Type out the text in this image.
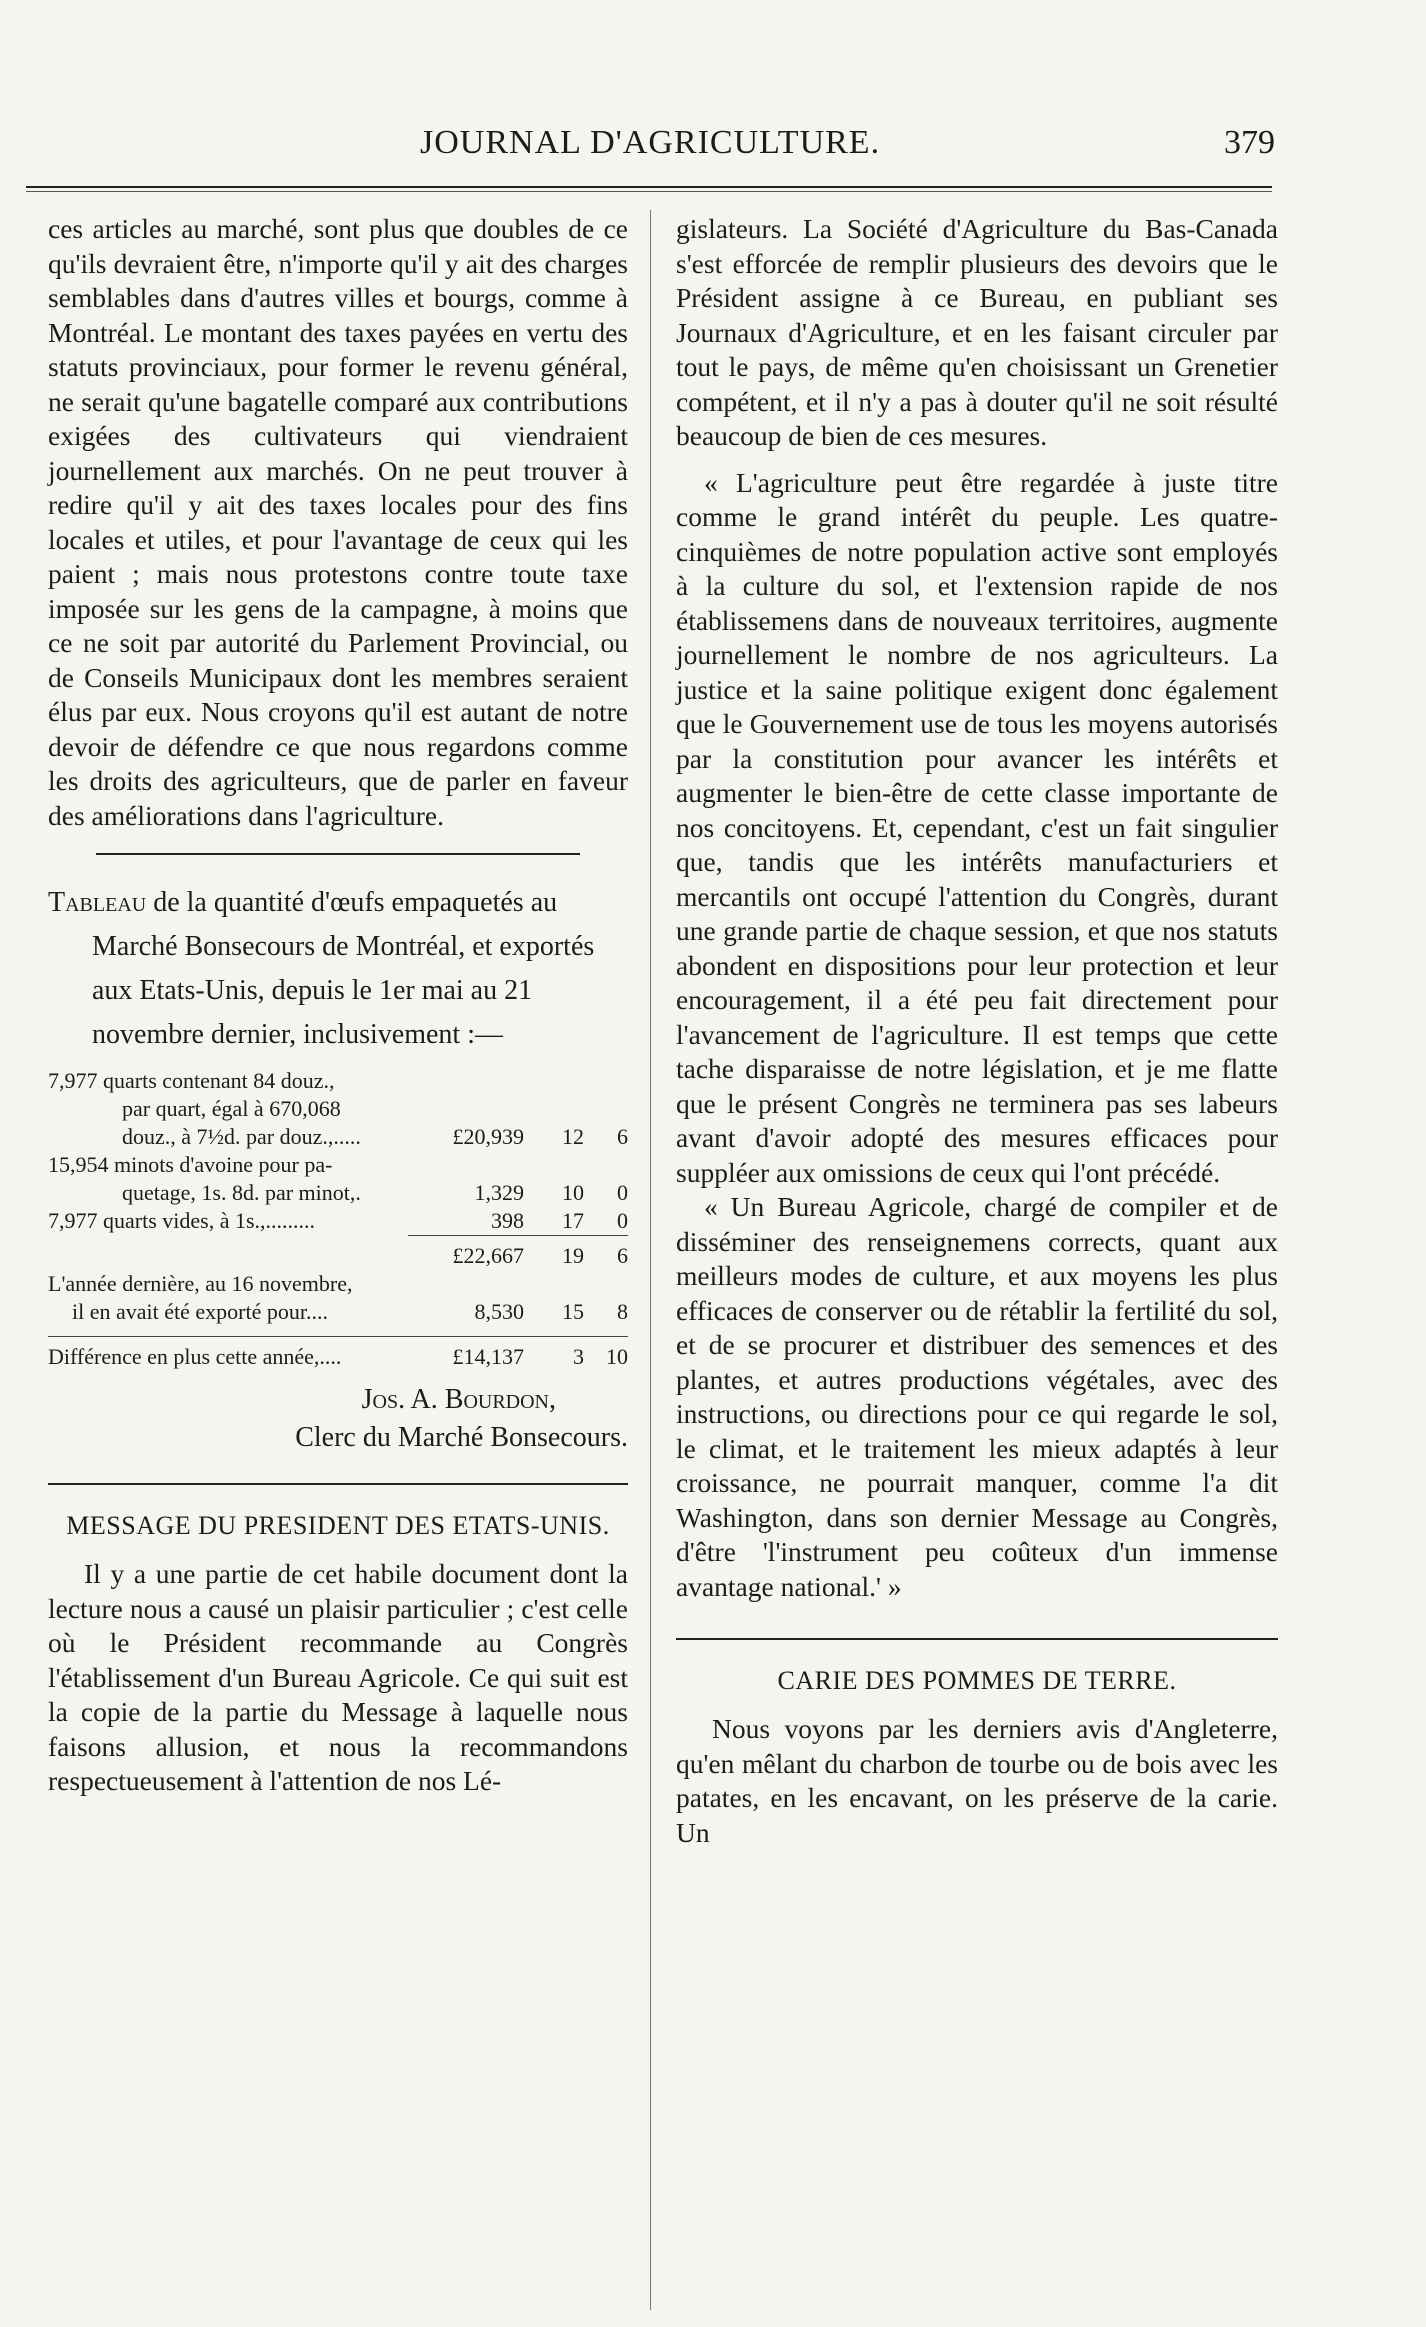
JOURNAL D'AGRICULTURE.	379

ces articles au marché, sont plus que doubles de ce qu'ils devraient être, n'importe qu'il y ait des charges semblables dans d'autres villes et bourgs, comme à Montréal. Le montant des taxes payées en vertu des statuts provinciaux, pour former le revenu général, ne serait qu'une bagatelle comparé aux contributions exigées des cultivateurs qui viendraient journellement aux marchés. On ne peut trouver à redire qu'il y ait des taxes locales pour des fins locales et utiles, et pour l'avantage de ceux qui les paient ; mais nous protestons contre toute taxe imposée sur les gens de la campagne, à moins que ce ne soit par autorité du Parlement Provincial, ou de Conseils Municipaux dont les membres seraient élus par eux. Nous croyons qu'il est autant de notre devoir de défendre ce que nous regardons comme les droits des agriculteurs, que de parler en faveur des améliorations dans l'agriculture.

Tableau de la quantité d'œufs empaquetés au Marché Bonsecours de Montréal, et exportés aux Etats-Unis, depuis le 1er mai au 21 novembre dernier, inclusivement :—

7,977 quarts contenant 84 douz.,
par quart, égal à 670,068
douz., à 7½d. par douz.,.....	£20,939	12	6
15,954 minots d'avoine pour pa-
quetage, 1s. 8d. par minot,.	1,329	10	0
7,977 quarts vides, à 1s.,.........	398	17	0
£22,667	19	6
L'année dernière, au 16 novembre,
il en avait été exporté pour....	8,530	15	8
Différence en plus cette année,....	£14,137	3	10
Jos. A. Bourdon,
Clerc du Marché Bonsecours.
MESSAGE DU PRESIDENT DES ETATS-UNIS.

Il y a une partie de cet habile document dont la lecture nous a causé un plaisir particulier ; c'est celle où le Président recommande au Congrès l'établissement d'un Bureau Agricole. Ce qui suit est la copie de la partie du Message à laquelle nous faisons allusion, et nous la recommandons respectueusement à l'attention de nos Lé-

gislateurs. La Société d'Agriculture du Bas-Canada s'est efforcée de remplir plusieurs des devoirs que le Président assigne à ce Bureau, en publiant ses Journaux d'Agriculture, et en les faisant circuler par tout le pays, de même qu'en choisissant un Grenetier compétent, et il n'y a pas à douter qu'il ne soit résulté beaucoup de bien de ces mesures.

« L'agriculture peut être regardée à juste titre comme le grand intérêt du peuple. Les quatre-cinquièmes de notre population active sont employés à la culture du sol, et l'extension rapide de nos établissemens dans de nouveaux territoires, augmente journellement le nombre de nos agriculteurs. La justice et la saine politique exigent donc également que le Gouvernement use de tous les moyens autorisés par la constitution pour avancer les intérêts et augmenter le bien-être de cette classe importante de nos concitoyens. Et, cependant, c'est un fait singulier que, tandis que les intérêts manufacturiers et mercantils ont occupé l'attention du Congrès, durant une grande partie de chaque session, et que nos statuts abondent en dispositions pour leur protection et leur encouragement, il a été peu fait directement pour l'avancement de l'agriculture. Il est temps que cette tache disparaisse de notre législation, et je me flatte que le présent Congrès ne terminera pas ses labeurs avant d'avoir adopté des mesures efficaces pour suppléer aux omissions de ceux qui l'ont précédé.

« Un Bureau Agricole, chargé de compiler et de disséminer des renseignemens corrects, quant aux meilleurs modes de culture, et aux moyens les plus efficaces de conserver ou de rétablir la fertilité du sol, et de se procurer et distribuer des semences et des plantes, et autres productions végétales, avec des instructions, ou directions pour ce qui regarde le sol, le climat, et le traitement les mieux adaptés à leur croissance, ne pourrait manquer, comme l'a dit Washington, dans son dernier Message au Congrès, d'être 'l'instrument peu coûteux d'un immense avantage national.' »

CARIE DES POMMES DE TERRE.

Nous voyons par les derniers avis d'Angleterre, qu'en mêlant du charbon de tourbe ou de bois avec les patates, en les encavant, on les préserve de la carie. Un
